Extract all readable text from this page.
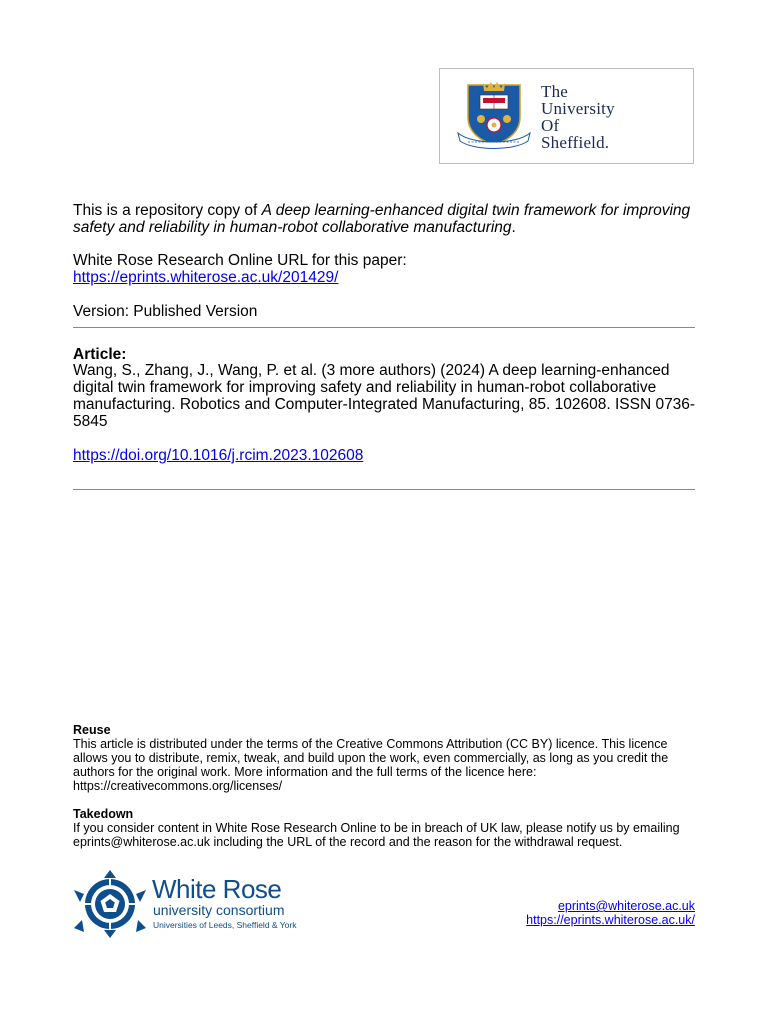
The
University
Of
Sheffield.
This is a repository copy of A deep learning-enhanced digital twin framework for improving safety and reliability in human-robot collaborative manufacturing.
White Rose Research Online URL for this paper:
https://eprints.whiterose.ac.uk/201429/
Version: Published Version
Article:
Wang, S., Zhang, J., Wang, P. et al. (3 more authors) (2024) A deep learning-enhanced digital twin framework for improving safety and reliability in human-robot collaborative manufacturing. Robotics and Computer-Integrated Manufacturing, 85. 102608. ISSN 0736-5845
https://doi.org/10.1016/j.rcim.2023.102608
Reuse
This article is distributed under the terms of the Creative Commons Attribution (CC BY) licence. This licence allows you to distribute, remix, tweak, and build upon the work, even commercially, as long as you credit the authors for the original work. More information and the full terms of the licence here: https://creativecommons.org/licenses/
Takedown
If you consider content in White Rose Research Online to be in breach of UK law, please notify us by emailing eprints@whiterose.ac.uk including the URL of the record and the reason for the withdrawal request.
White Rose
university consortium
Universities of Leeds, Sheffield & York
eprints@whiterose.ac.uk
https://eprints.whiterose.ac.uk/
